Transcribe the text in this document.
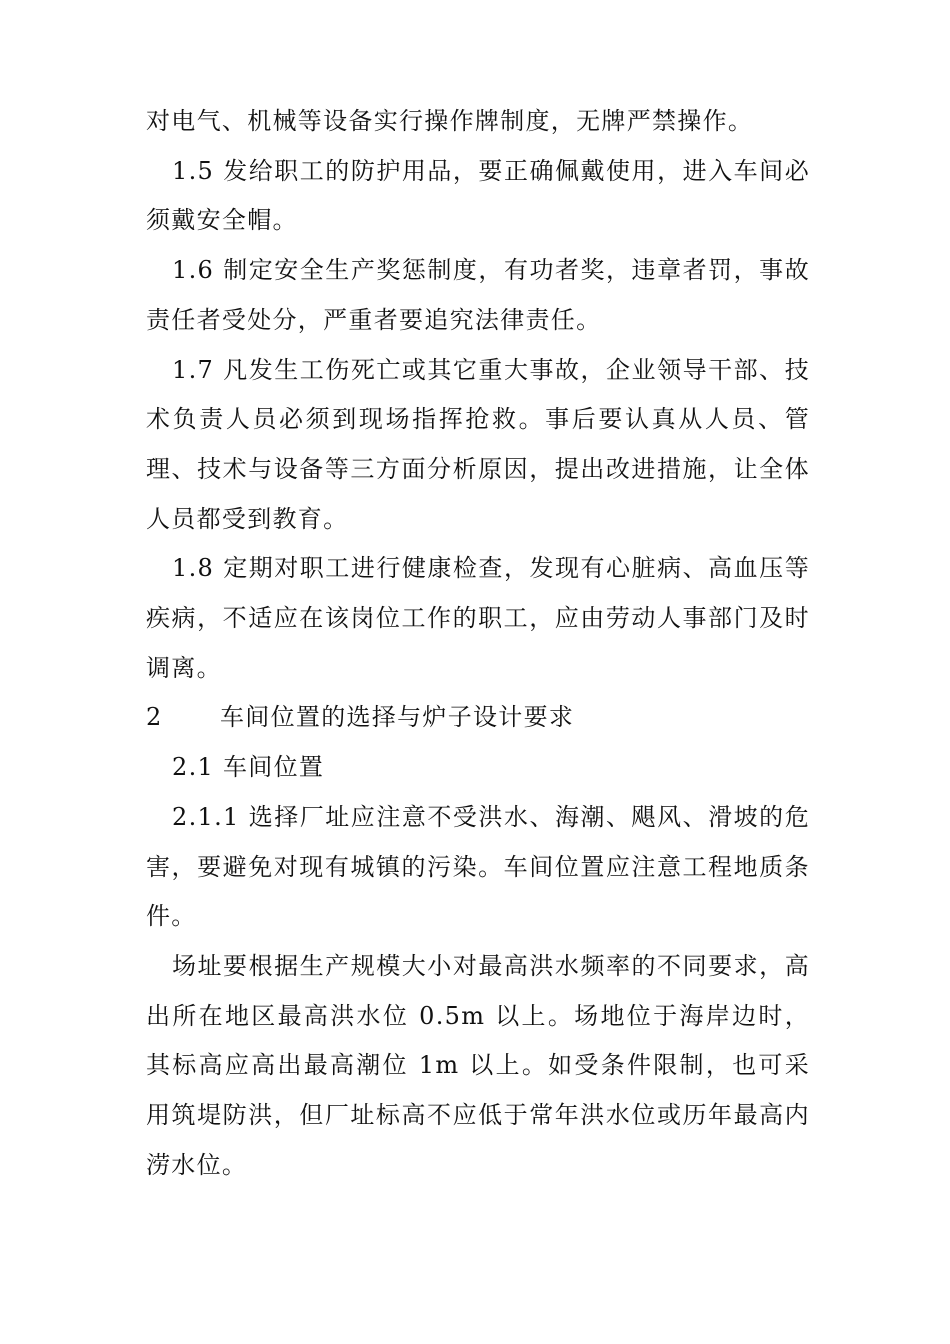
对电气、机械等设备实行操作牌制度，无牌严禁操作。

1.5 发给职工的防护用品，要正确佩戴使用，进入车间必须戴安全帽。

1.6 制定安全生产奖惩制度，有功者奖，违章者罚，事故责任者受处分，严重者要追究法律责任。

1.7 凡发生工伤死亡或其它重大事故，企业领导干部、技术负责人员必须到现场指挥抢救。事后要认真从人员、管理、技术与设备等三方面分析原因，提出改进措施，让全体人员都受到教育。

1.8 定期对职工进行健康检查，发现有心脏病、高血压等疾病，不适应在该岗位工作的职工，应由劳动人事部门及时调离。

2 车间位置的选择与炉子设计要求

2.1 车间位置

2.1.1 选择厂址应注意不受洪水、海潮、飓风、滑坡的危害，要避免对现有城镇的污染。车间位置应注意工程地质条件。

场址要根据生产规模大小对最高洪水频率的不同要求，高出所在地区最高洪水位 0.5m 以上。场地位于海岸边时，其标高应高出最高潮位 1m 以上。如受条件限制，也可采用筑堤防洪，但厂址标高不应低于常年洪水位或历年最高内涝水位。
